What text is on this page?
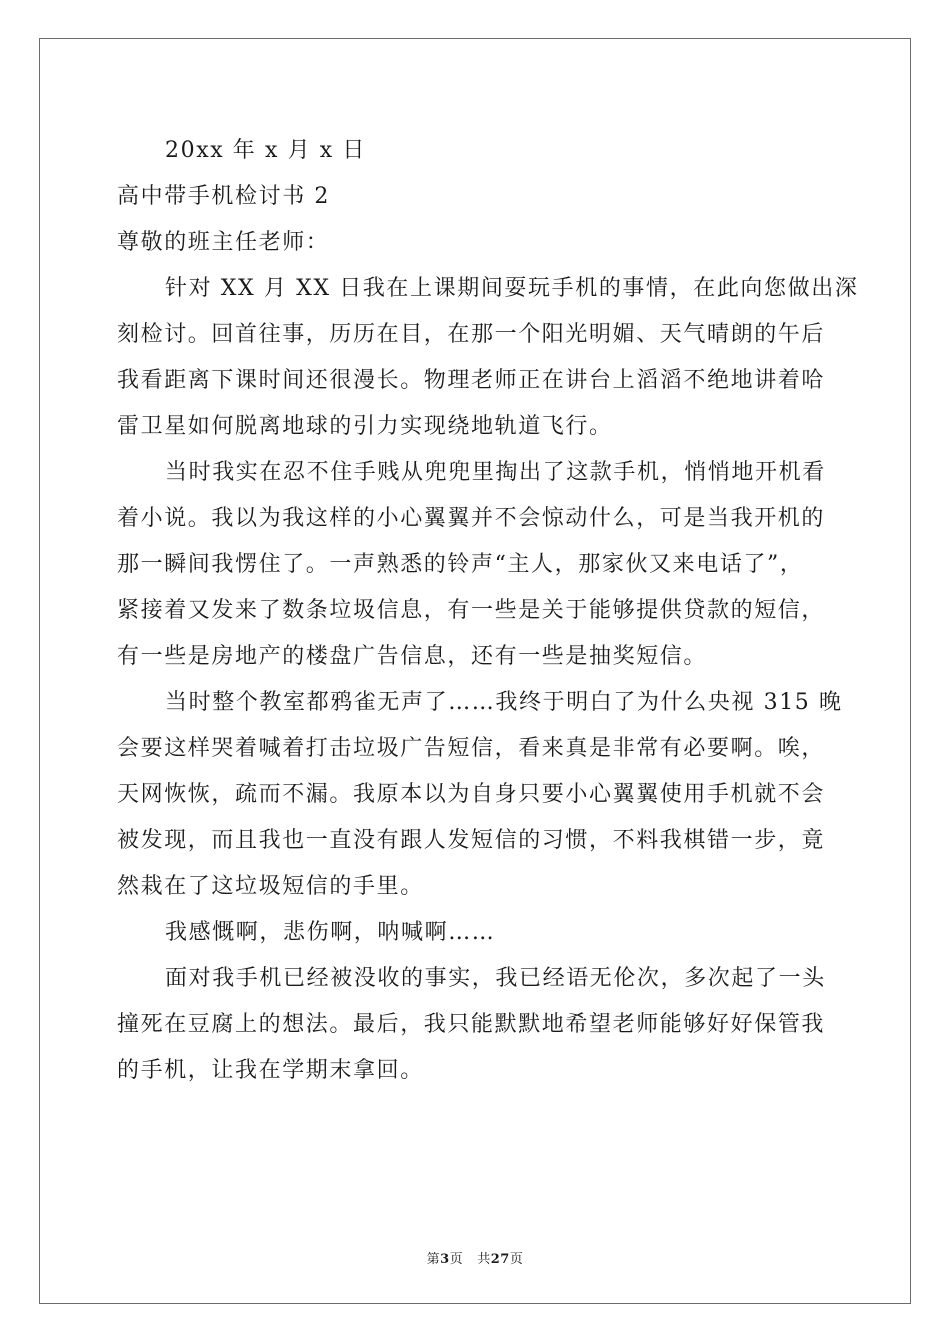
20xx 年 x 月 x 日
高中带手机检讨书 2
尊敬的班主任老师：
针对 XX 月 XX 日我在上课期间耍玩手机的事情，在此向您做出深
刻检讨。回首往事，历历在目，在那一个阳光明媚、天气晴朗的午后
我看距离下课时间还很漫长。物理老师正在讲台上滔滔不绝地讲着哈
雷卫星如何脱离地球的引力实现绕地轨道飞行。
当时我实在忍不住手贱从兜兜里掏出了这款手机，悄悄地开机看
着小说。我以为我这样的小心翼翼并不会惊动什么，可是当我开机的
那一瞬间我愣住了。一声熟悉的铃声“主人，那家伙又来电话了”，
紧接着又发来了数条垃圾信息，有一些是关于能够提供贷款的短信，
有一些是房地产的楼盘广告信息，还有一些是抽奖短信。
当时整个教室都鸦雀无声了……我终于明白了为什么央视 315 晚
会要这样哭着喊着打击垃圾广告短信，看来真是非常有必要啊。唉，
天网恢恢，疏而不漏。我原本以为自身只要小心翼翼使用手机就不会
被发现，而且我也一直没有跟人发短信的习惯，不料我棋错一步，竟
然栽在了这垃圾短信的手里。
我感慨啊，悲伤啊，呐喊啊……
面对我手机已经被没收的事实，我已经语无伦次，多次起了一头
撞死在豆腐上的想法。最后，我只能默默地希望老师能够好好保管我
的手机，让我在学期末拿回。
第3页 共27页
